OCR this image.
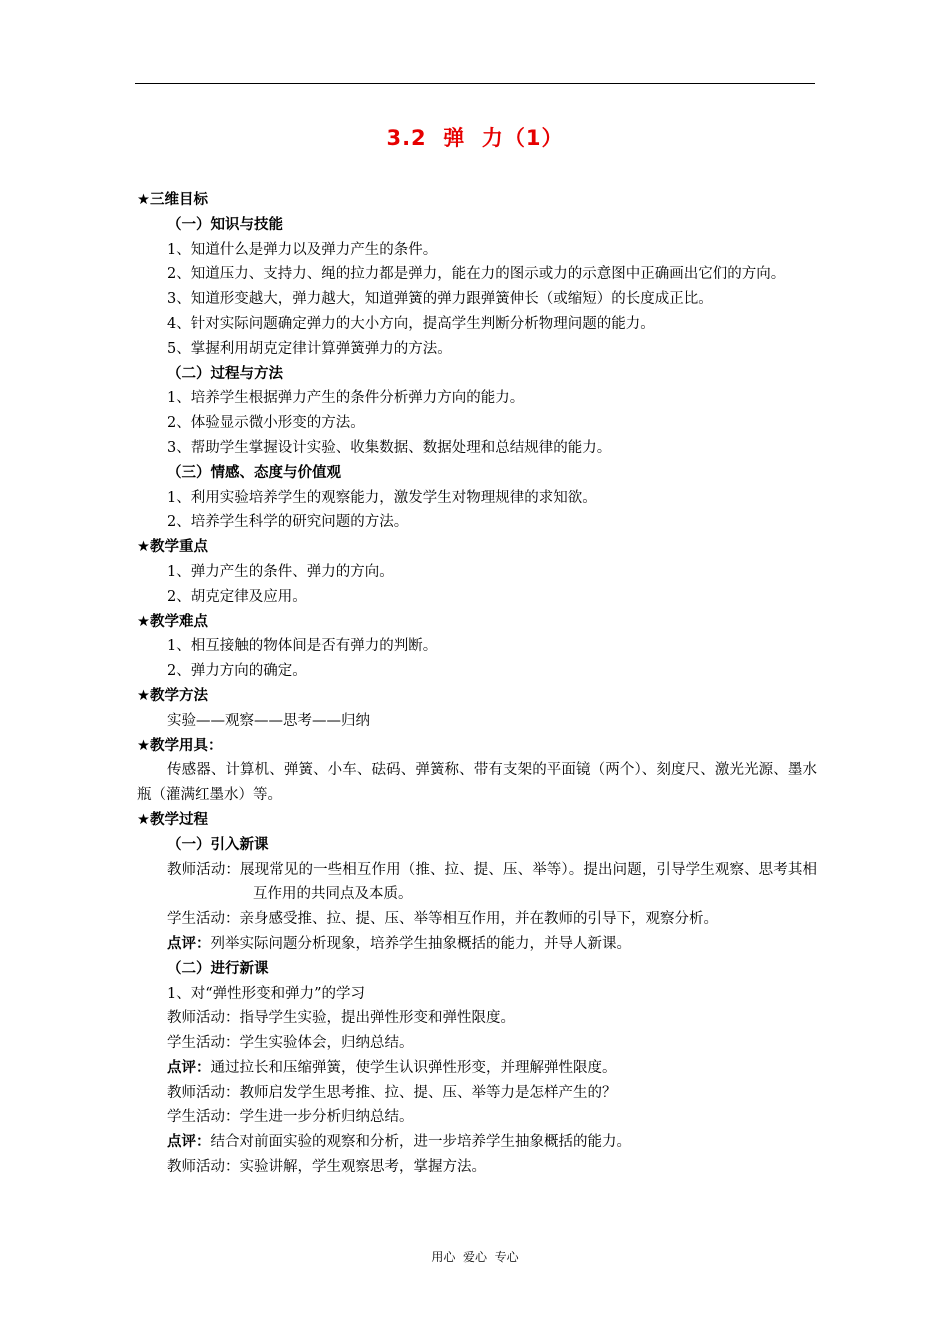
3.2  弹  力（1）
★三维目标
（一）知识与技能
1、知道什么是弹力以及弹力产生的条件。
2、知道压力、支持力、绳的拉力都是弹力，能在力的图示或力的示意图中正确画出它们的方向。
3、知道形变越大，弹力越大，知道弹簧的弹力跟弹簧伸长（或缩短）的长度成正比。
4、针对实际问题确定弹力的大小方向，提高学生判断分析物理问题的能力。
5、掌握利用胡克定律计算弹簧弹力的方法。
（二）过程与方法
1、培养学生根据弹力产生的条件分析弹力方向的能力。
2、体验显示微小形变的方法。
3、帮助学生掌握设计实验、收集数据、数据处理和总结规律的能力。
（三）情感、态度与价值观
1、利用实验培养学生的观察能力，激发学生对物理规律的求知欲。
2、培养学生科学的研究问题的方法。
★教学重点
1、弹力产生的条件、弹力的方向。
2、胡克定律及应用。
★教学难点
1、相互接触的物体间是否有弹力的判断。
2、弹力方向的确定。
★教学方法
实验——观察——思考——归纳
★教学用具：
传感器、计算机、弹簧、小车、砝码、弹簧称、带有支架的平面镜（两个）、刻度尺、激光光源、墨水瓶（灌满红墨水）等。
★教学过程
（一）引入新课
教师活动：展现常见的一些相互作用（推、拉、提、压、举等）。提出问题，引导学生观察、思考其相互作用的共同点及本质。
学生活动：亲身感受推、拉、提、压、举等相互作用，并在教师的引导下，观察分析。
点评：列举实际问题分析现象，培养学生抽象概括的能力，并导人新课。
（二）进行新课
1、对“弹性形变和弹力”的学习
教师活动：指导学生实验，提出弹性形变和弹性限度。
学生活动：学生实验体会，归纳总结。
点评：通过拉长和压缩弹簧，使学生认识弹性形变，并理解弹性限度。
教师活动：教师启发学生思考推、拉、提、压、举等力是怎样产生的？
学生活动：学生进一步分析归纳总结。
点评：结合对前面实验的观察和分析，进一步培养学生抽象概括的能力。
教师活动：实验讲解，学生观察思考，掌握方法。
用心  爱心  专心
